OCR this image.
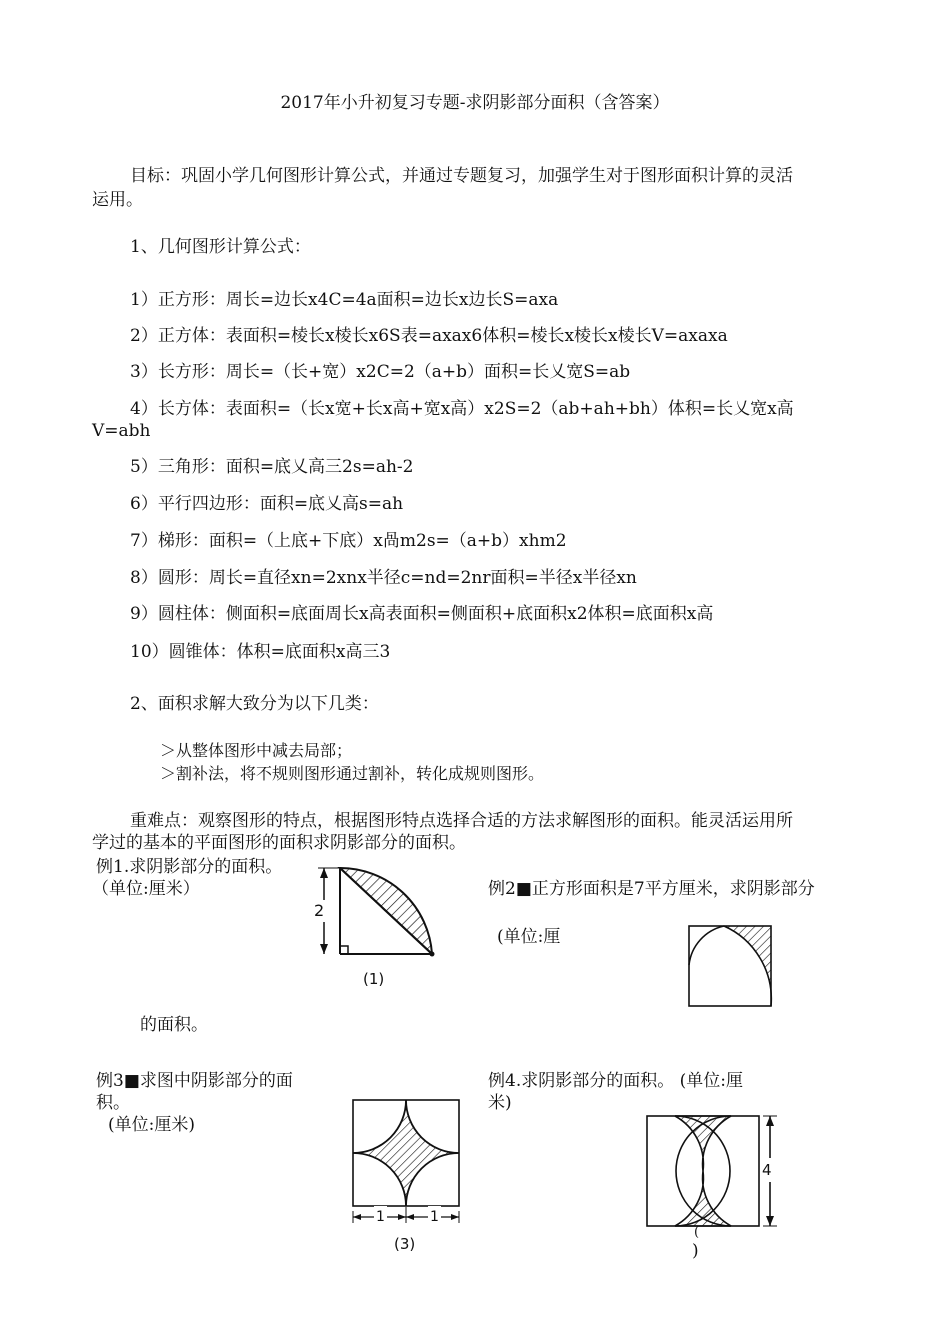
2017年小升初复习专题-求阴影部分面积（含答案）
目标：巩固小学几何图形计算公式，并通过专题复习，加强学生对于图形面积计算的灵活
运用。
1、几何图形计算公式：
1）正方形：周长=边长x4C=4a面积=边长x边长S=axa
2）正方体：表面积=棱长x棱长x6S表=axax6体积=棱长x棱长x棱长V=axaxa
3）长方形：周长=（长+宽）x2C=2（a+b）面积=长乂宽S=ab
4）长方体：表面积=（长x宽+长x高+宽x高）x2S=2（ab+ah+bh）体积=长乂宽x高
V=abh
5）三角形：面积=底乂高三2s=ah-2
6）平行四边形：面积=底乂高s=ah
7）梯形：面积=（上底+下底）x咼m2s=（a+b）xhm2
8）圆形：周长=直径xn=2xnx半径c=nd=2nr面积=半径x半径xn
9）圆柱体：侧面积=底面周长x高表面积=侧面积+底面积x2体积=底面积x高
10）圆锥体：体积=底面积x高三3
2、面积求解大致分为以下几类：
＞从整体图形中减去局部；
＞割补法，将不规则图形通过割补，转化成规则图形。
重难点：观察图形的特点，根据图形特点选择合适的方法求解图形的面积。能灵活运用所
学过的基本的平面图形的面积求阴影部分的面积。
例1.求阴影部分的面积。
（单位:厘米）
2
(1)
例2■正方形面积是7平方厘米，求阴影部分
(单位:厘
的面积。
例3■求图中阴影部分的面
积。
(单位:厘米)
1	1
(3)
例4.求阴影部分的面积。 (单位:厘
米)
4
(
)
